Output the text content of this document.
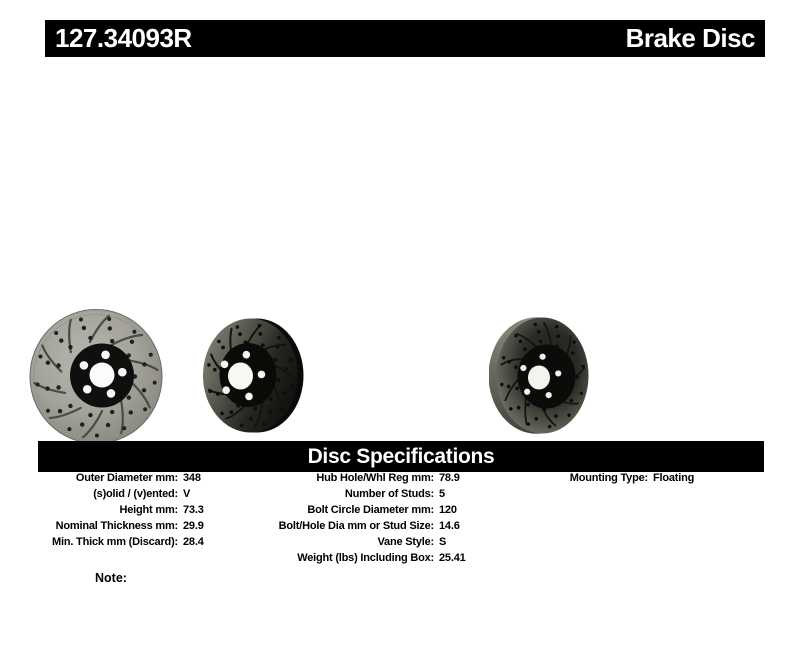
127.34093R	Brake Disc
Disc Specifications
Outer Diameter mm: 348
(s)olid / (v)ented: V
Height mm: 73.3
Nominal Thickness mm: 29.9
Min. Thick mm (Discard): 28.4
Hub Hole/Whl Reg mm: 78.9
Number of Studs: 5
Bolt Circle Diameter mm: 120
Bolt/Hole Dia mm or Stud Size: 14.6
Vane Style: S
Weight (lbs) Including Box: 25.41
Mounting Type: Floating
Note:
